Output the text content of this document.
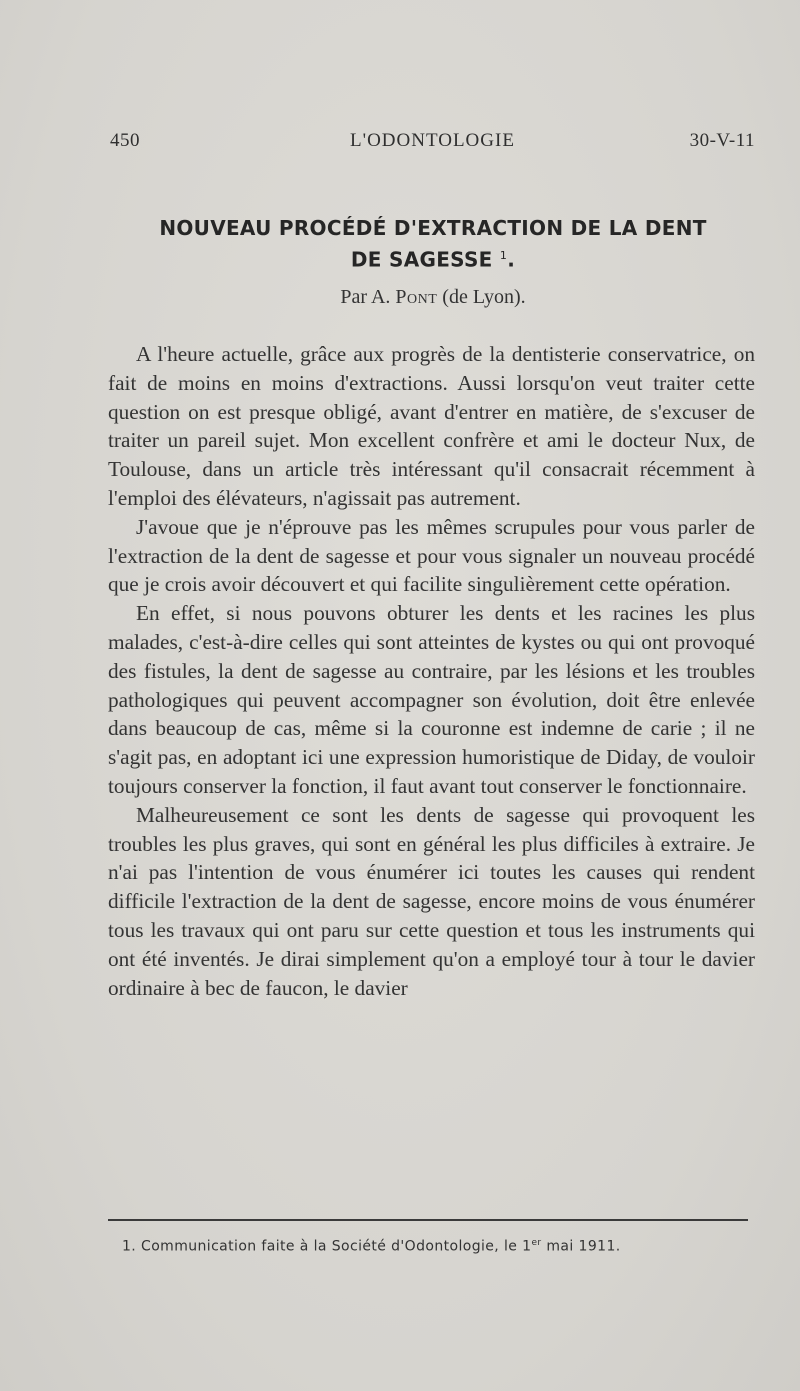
450	L'ODONTOLOGIE	30-V-11
NOUVEAU PROCÉDÉ D'EXTRACTION DE LA DENT
DE SAGESSE $^1$.
Par A. Pont (de Lyon).

A l'heure actuelle, grâce aux progrès de la dentisterie conservatrice, on fait de moins en moins d'extractions. Aussi lorsqu'on veut traiter cette question on est presque obligé, avant d'entrer en matière, de s'excuser de traiter un pareil sujet. Mon excellent confrère et ami le docteur Nux, de Toulouse, dans un article très intéressant qu'il consacrait récemment à l'emploi des élévateurs, n'agissait pas autrement.

J'avoue que je n'éprouve pas les mêmes scrupules pour vous parler de l'extraction de la dent de sagesse et pour vous signaler un nouveau procédé que je crois avoir découvert et qui facilite singulièrement cette opération.

En effet, si nous pouvons obturer les dents et les racines les plus malades, c'est-à-dire celles qui sont atteintes de kystes ou qui ont provoqué des fistules, la dent de sagesse au contraire, par les lésions et les troubles pathologiques qui peuvent accompagner son évolution, doit être enlevée dans beaucoup de cas, même si la couronne est indemne de carie ; il ne s'agit pas, en adoptant ici une expression humoristique de Diday, de vouloir toujours conserver la fonction, il faut avant tout conserver le fonctionnaire.

Malheureusement ce sont les dents de sagesse qui provoquent les troubles les plus graves, qui sont en général les plus difficiles à extraire. Je n'ai pas l'intention de vous énumérer ici toutes les causes qui rendent difficile l'extraction de la dent de sagesse, encore moins de vous énumérer tous les travaux qui ont paru sur cette question et tous les instruments qui ont été inventés. Je dirai simplement qu'on a employé tour à tour le davier ordinaire à bec de faucon, le davier

1. Communication faite à la Société d'Odontologie, le 1er mai 1911.
